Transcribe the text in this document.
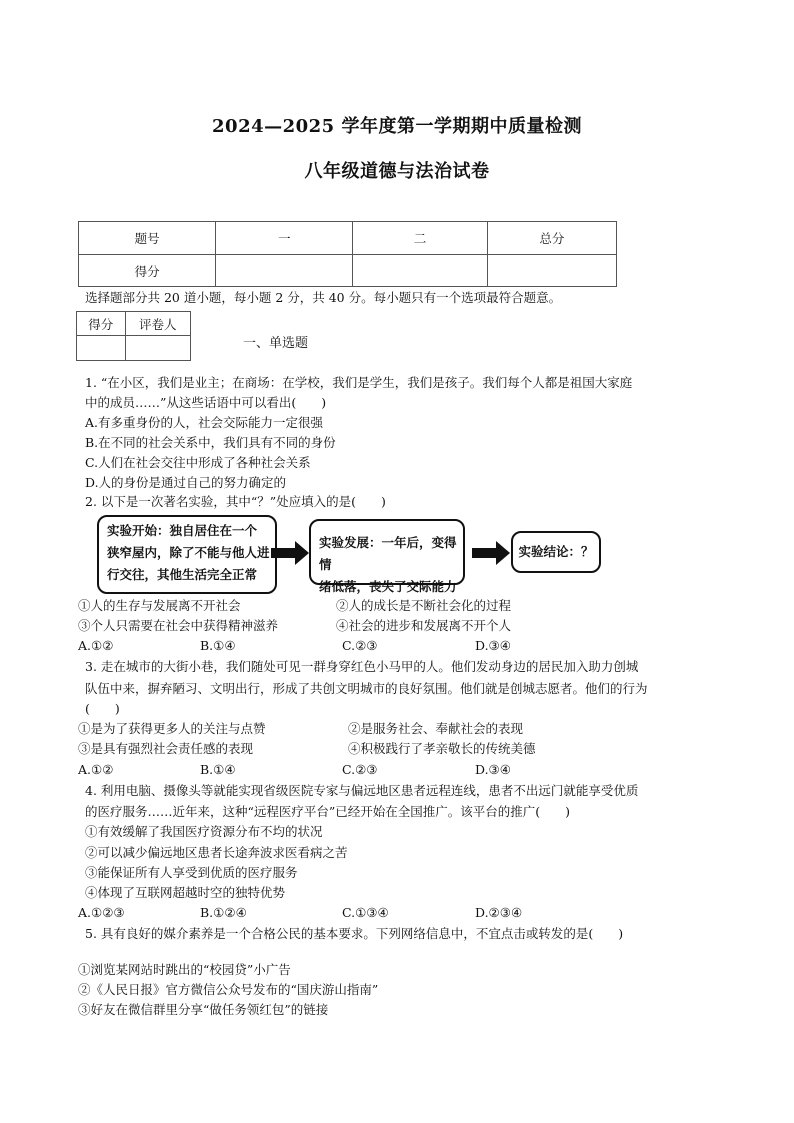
2024—2025 学年度第一学期期中质量检测
八年级道德与法治试卷
题号	一	二	总分
得分			
选择题部分共 20 道小题，每小题 2 分，共 40 分。每小题只有一个选项最符合题意。
得分	评卷人

一、单选题
1. “在小区，我们是业主；在商场：在学校，我们是学生，我们是孩子。我们每个人都是祖国大家庭
中的成员……”从这些话语中可以看出(　　)
A.有多重身份的人，社会交际能力一定很强
B.在不同的社会关系中，我们具有不同的身份
C.人们在社会交往中形成了各种社会关系
D.人的身份是通过自己的努力确定的
2. 以下是一次著名实验，其中“？”处应填入的是(　　)
实验开始：独自居住在一个
狭窄屋内，除了不能与他人进
行交往，其他生活完全正常
实验发展：一年后，变得情
绪低落，丧失了交际能力
实验结论：？
①人的生存与发展离不开社会	②人的成长是不断社会化的过程
③个人只需要在社会中获得精神滋养	④社会的进步和发展离不开个人
A.①②	B.①④	C.②③	D.③④
3. 走在城市的大街小巷，我们随处可见一群身穿红色小马甲的人。他们发动身边的居民加入助力创城
队伍中来，摒弃陋习、文明出行，形成了共创文明城市的良好氛围。他们就是创城志愿者。他们的行为
(　　)
①是为了获得更多人的关注与点赞	②是服务社会、奉献社会的表现
③是具有强烈社会责任感的表现	④积极践行了孝亲敬长的传统美德
A.①②	B.①④	C.②③	D.③④
4. 利用电脑、摄像头等就能实现省级医院专家与偏远地区患者远程连线，患者不出远门就能享受优质
的医疗服务……近年来，这种“远程医疗平台”已经开始在全国推广。该平台的推广(　　)
①有效缓解了我国医疗资源分布不均的状况
②可以减少偏远地区患者长途奔波求医看病之苦
③能保证所有人享受到优质的医疗服务
④体现了互联网超越时空的独特优势
A.①②③	B.①②④	C.①③④	D.②③④
5. 具有良好的媒介素养是一个合格公民的基本要求。下列网络信息中，不宜点击或转发的是(　　)
①浏览某网站时跳出的“校园贷”小广告
②《人民日报》官方微信公众号发布的“国庆游山指南”
③好友在微信群里分享“做任务领红包”的链接
